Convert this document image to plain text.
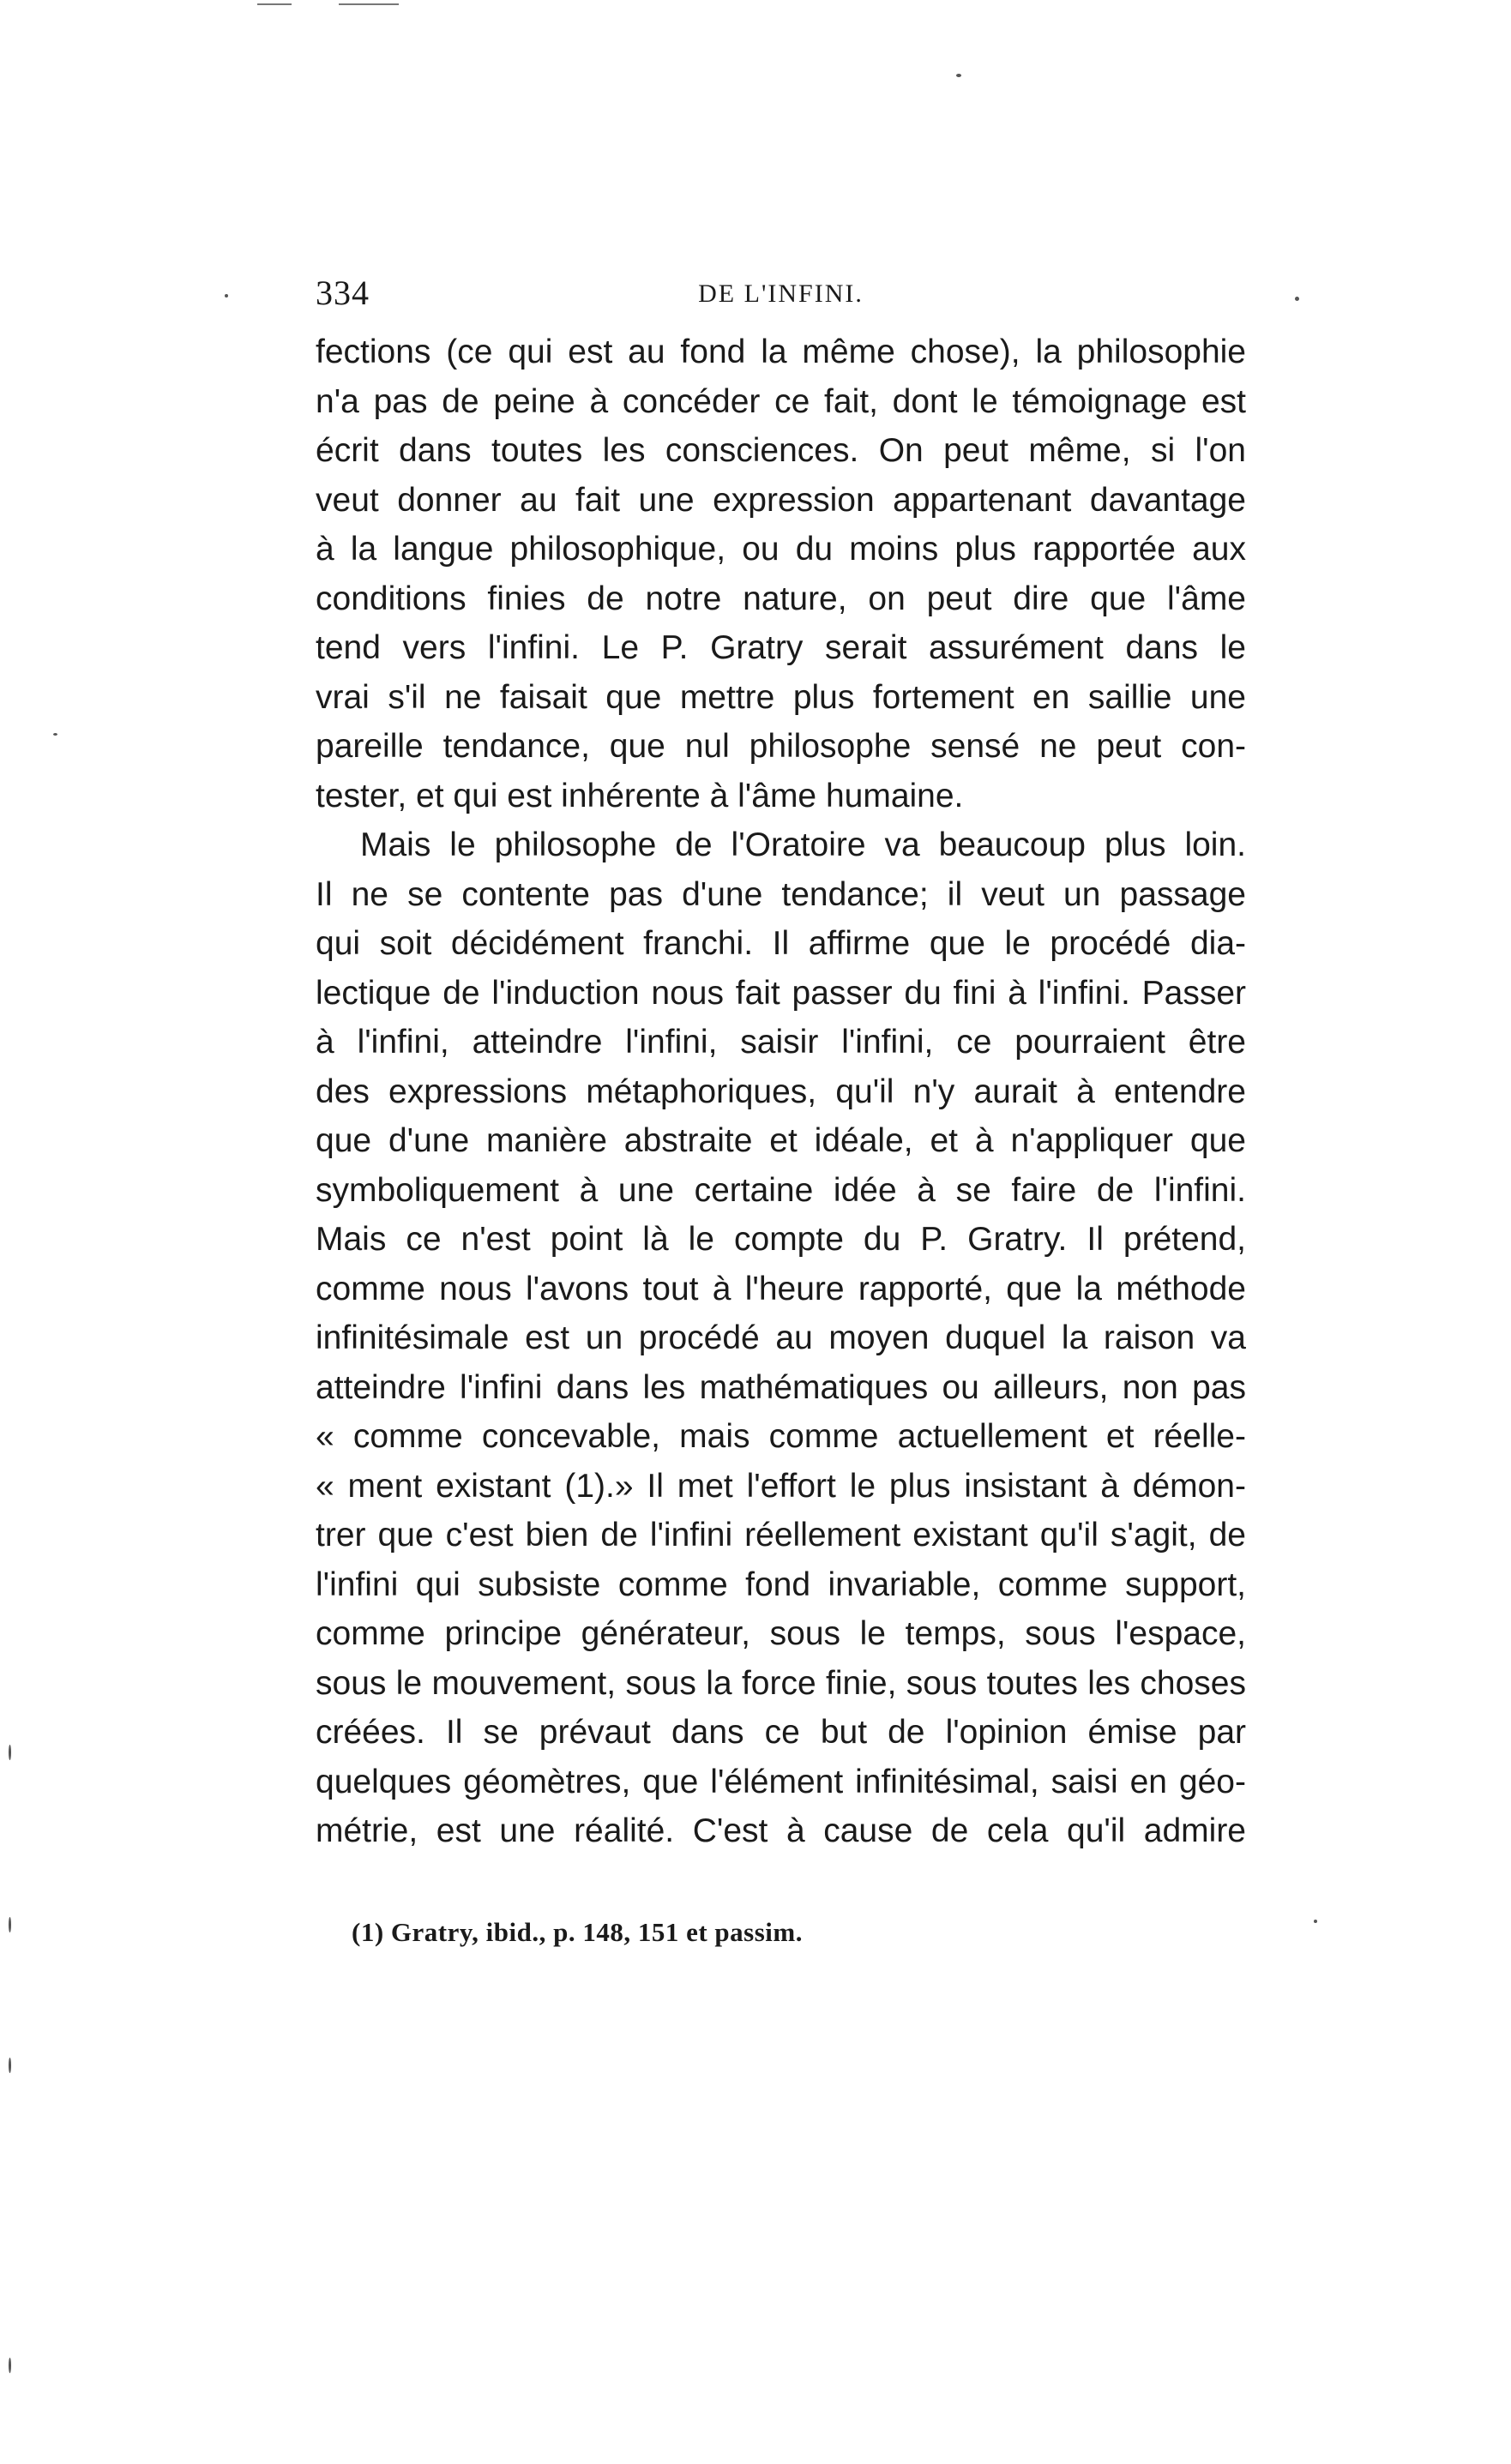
334	DE L'INFINI.
fections (ce qui est au fond la même chose), la philosophie
n'a pas de peine à concéder ce fait, dont le témoignage est
écrit dans toutes les consciences. On peut même, si l'on
veut donner au fait une expression appartenant davantage
à la langue philosophique, ou du moins plus rapportée aux
conditions finies de notre nature, on peut dire que l'âme
tend vers l'infini. Le P. Gratry serait assurément dans le
vrai s'il ne faisait que mettre plus fortement en saillie une
pareille tendance, que nul philosophe sensé ne peut con-
tester, et qui est inhérente à l'âme humaine.
Mais le philosophe de l'Oratoire va beaucoup plus loin.
Il ne se contente pas d'une tendance; il veut un passage
qui soit décidément franchi. Il affirme que le procédé dia-
lectique de l'induction nous fait passer du fini à l'infini. Passer
à l'infini, atteindre l'infini, saisir l'infini, ce pourraient être
des expressions métaphoriques, qu'il n'y aurait à entendre
que d'une manière abstraite et idéale, et à n'appliquer que
symboliquement à une certaine idée à se faire de l'infini.
Mais ce n'est point là le compte du P. Gratry. Il prétend,
comme nous l'avons tout à l'heure rapporté, que la méthode
infinitésimale est un procédé au moyen duquel la raison va
atteindre l'infini dans les mathématiques ou ailleurs, non pas
« comme concevable, mais comme actuellement et réelle-
« ment existant (1).» Il met l'effort le plus insistant à démon-
trer que c'est bien de l'infini réellement existant qu'il s'agit, de
l'infini qui subsiste comme fond invariable, comme support,
comme principe générateur, sous le temps, sous l'espace,
sous le mouvement, sous la force finie, sous toutes les choses
créées. Il se prévaut dans ce but de l'opinion émise par
quelques géomètres, que l'élément infinitésimal, saisi en géo-
métrie, est une réalité. C'est à cause de cela qu'il admire
(1) Gratry, ibid., p. 148, 151 et passim.
